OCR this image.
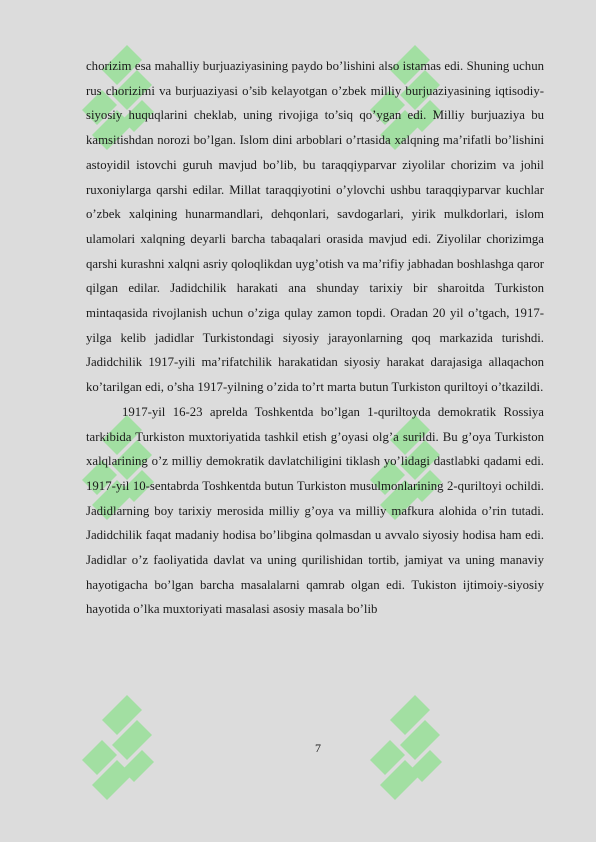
chorizim esa mahalliy burjuaziyasining paydo bo’lishini also istamas edi. Shuning uchun rus chorizimi va burjuaziyasi o’sib kelayotgan o’zbek milliy burjuaziyasining iqtisodiy- siyosiy huquqlarini cheklab, uning rivojiga to’siq qo’ygan edi. Milliy burjuaziya bu kamsitishdan norozi bo’lgan. Islom dini arboblari o’rtasida xalqning ma’rifatli bo’lishini astoyidil istovchi guruh mavjud bo’lib, bu taraqqiyparvar ziyolilar chorizim va johil ruxoniylarga qarshi edilar. Millat taraqqiyotini o’ylovchi ushbu taraqqiyparvar kuchlar o’zbek xalqining hunarmandlari, dehqonlari, savdogarlari, yirik mulkdorlari, islom ulamolari xalqning deyarli barcha tabaqalari orasida mavjud edi. Ziyolilar chorizimga qarshi kurashni xalqni asriy qoloqlikdan uyg’otish va ma’rifiy jabhadan boshlashga qaror qilgan edilar. Jadidchilik harakati ana shunday tarixiy bir sharoitda Turkiston mintaqasida rivojlanish uchun o’ziga qulay zamon topdi. Oradan 20 yil o’tgach, 1917-yilga kelib jadidlar Turkistondagi siyosiy jarayonlarning qoq markazida turishdi. Jadidchilik 1917-yili ma’rifatchilik harakatidan siyosiy harakat darajasiga allaqachon ko’tarilgan edi, o’sha 1917-yilning o’zida to’rt marta butun Turkiston quriltoyi o’tkazildi.

1917-yil 16-23 aprelda Toshkentda bo’lgan 1-quriltoyda demokratik Rossiya tarkibida Turkiston muxtoriyatida tashkil etish g’oyasi olg’a surildi. Bu g’oya Turkiston xalqlarining o’z milliy demokratik davlatchiligini tiklash yo’lidagi dastlabki qadami edi. 1917-yil 10-sentabrda Toshkentda butun Turkiston musulmonlarining 2-quriltoyi ochildi. Jadidlarning boy tarixiy merosida milliy g’oya va milliy mafkura alohida o’rin tutadi. Jadidchilik faqat madaniy hodisa bo’libgina qolmasdan u avvalo siyosiy hodisa ham edi. Jadidlar o’z faoliyatida davlat va uning qurilishidan tortib, jamiyat va uning manaviy hayotigacha bo’lgan barcha masalalarni qamrab olgan edi. Tukiston ijtimoiy-siyosiy hayotida o’lka muxtoriyati masalasi asosiy masala bo’lib

7
